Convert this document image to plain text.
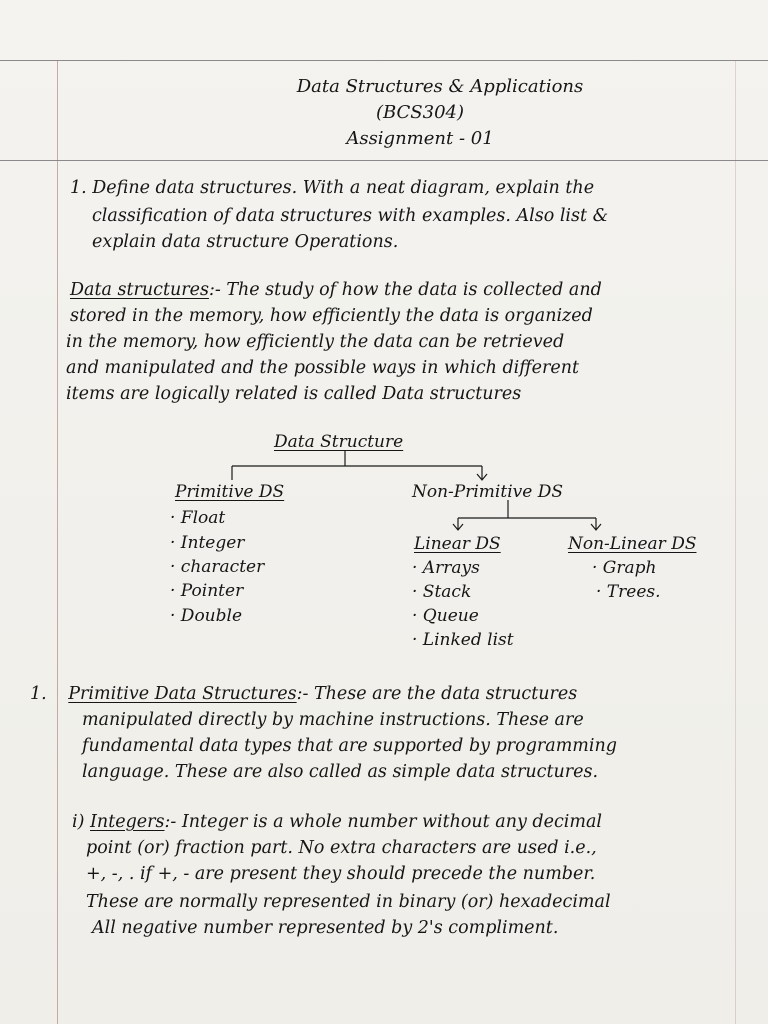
Data Structures & Applications
(BCS304)
Assignment - 01
1. Define data structures. With a neat diagram, explain the
classification of data structures with examples. Also list &
explain data structure Operations.
Data structures:- The study of how the data is collected and
stored in the memory, how efficiently the data is organized
in the memory, how efficiently the data can be retrieved
and manipulated and the possible ways in which different
items are logically related is called Data structures
Data Structure
Primitive DS	Non-Primitive DS
· Float
· Integer
· character
· Pointer
· Double
Linear DS	Non-Linear DS
· Arrays
· Stack
· Queue
· Linked list
· Graph
· Trees.
1. Primitive Data Structures:- These are the data structures
manipulated directly by machine instructions. These are
fundamental data types that are supported by programming
language. These are also called as simple data structures.
i) Integers:- Integer is a whole number without any decimal
point (or) fraction part. No extra characters are used i.e.,
+, -, . if +, - are present they should precede the number.
These are normally represented in binary (or) hexadecimal
All negative number represented by 2's compliment.
